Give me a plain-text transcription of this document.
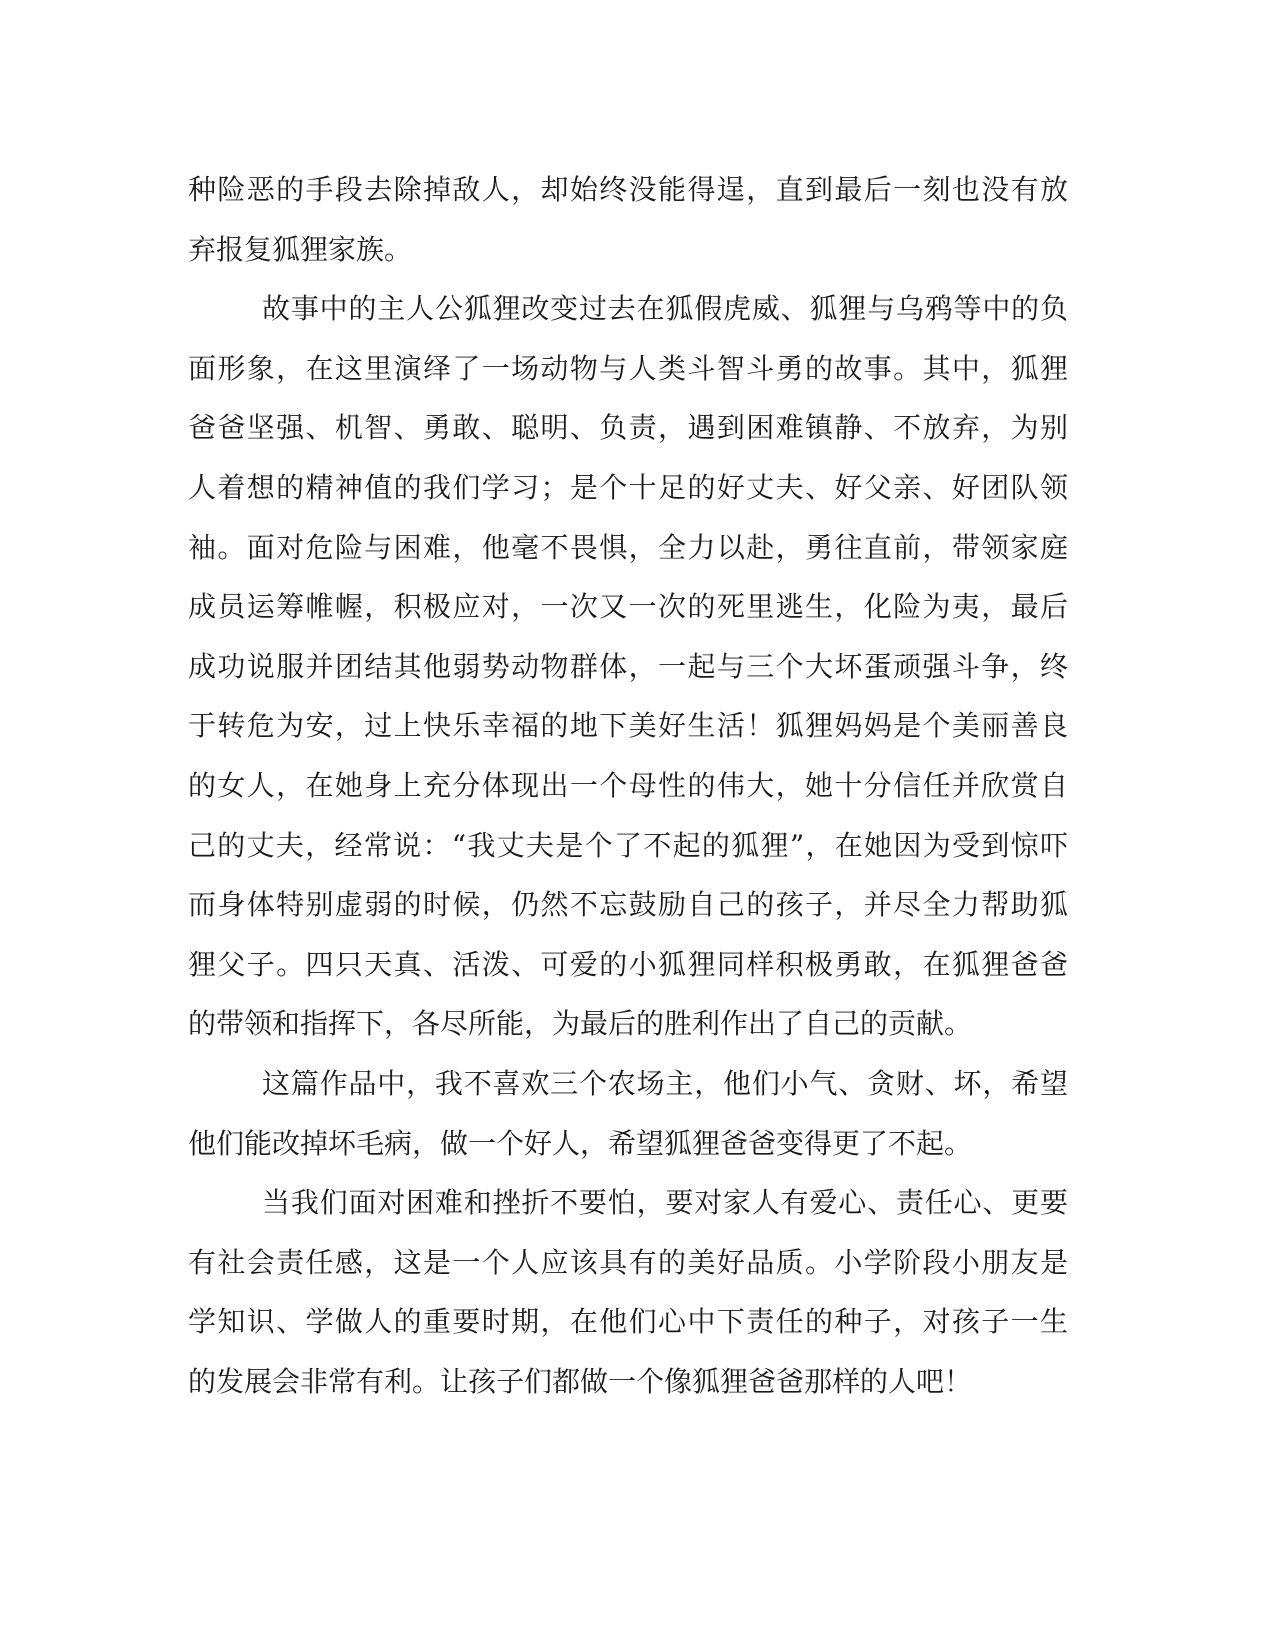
种险恶的手段去除掉敌人，却始终没能得逞，直到最后一刻也没有放
弃报复狐狸家族。
故事中的主人公狐狸改变过去在狐假虎威、狐狸与乌鸦等中的负
面形象，在这里演绎了一场动物与人类斗智斗勇的故事。其中，狐狸
爸爸坚强、机智、勇敢、聪明、负责，遇到困难镇静、不放弃，为别
人着想的精神值的我们学习；是个十足的好丈夫、好父亲、好团队领
袖。面对危险与困难，他毫不畏惧，全力以赴，勇往直前，带领家庭
成员运筹帷幄，积极应对，一次又一次的死里逃生，化险为夷，最后
成功说服并团结其他弱势动物群体，一起与三个大坏蛋顽强斗争，终
于转危为安，过上快乐幸福的地下美好生活！狐狸妈妈是个美丽善良
的女人，在她身上充分体现出一个母性的伟大，她十分信任并欣赏自
己的丈夫，经常说：“我丈夫是个了不起的狐狸”，在她因为受到惊吓
而身体特别虚弱的时候，仍然不忘鼓励自己的孩子，并尽全力帮助狐
狸父子。四只天真、活泼、可爱的小狐狸同样积极勇敢，在狐狸爸爸
的带领和指挥下，各尽所能，为最后的胜利作出了自己的贡献。
这篇作品中，我不喜欢三个农场主，他们小气、贪财、坏，希望
他们能改掉坏毛病，做一个好人，希望狐狸爸爸变得更了不起。
当我们面对困难和挫折不要怕，要对家人有爱心、责任心、更要
有社会责任感，这是一个人应该具有的美好品质。小学阶段小朋友是
学知识、学做人的重要时期，在他们心中下责任的种子，对孩子一生
的发展会非常有利。让孩子们都做一个像狐狸爸爸那样的人吧！
